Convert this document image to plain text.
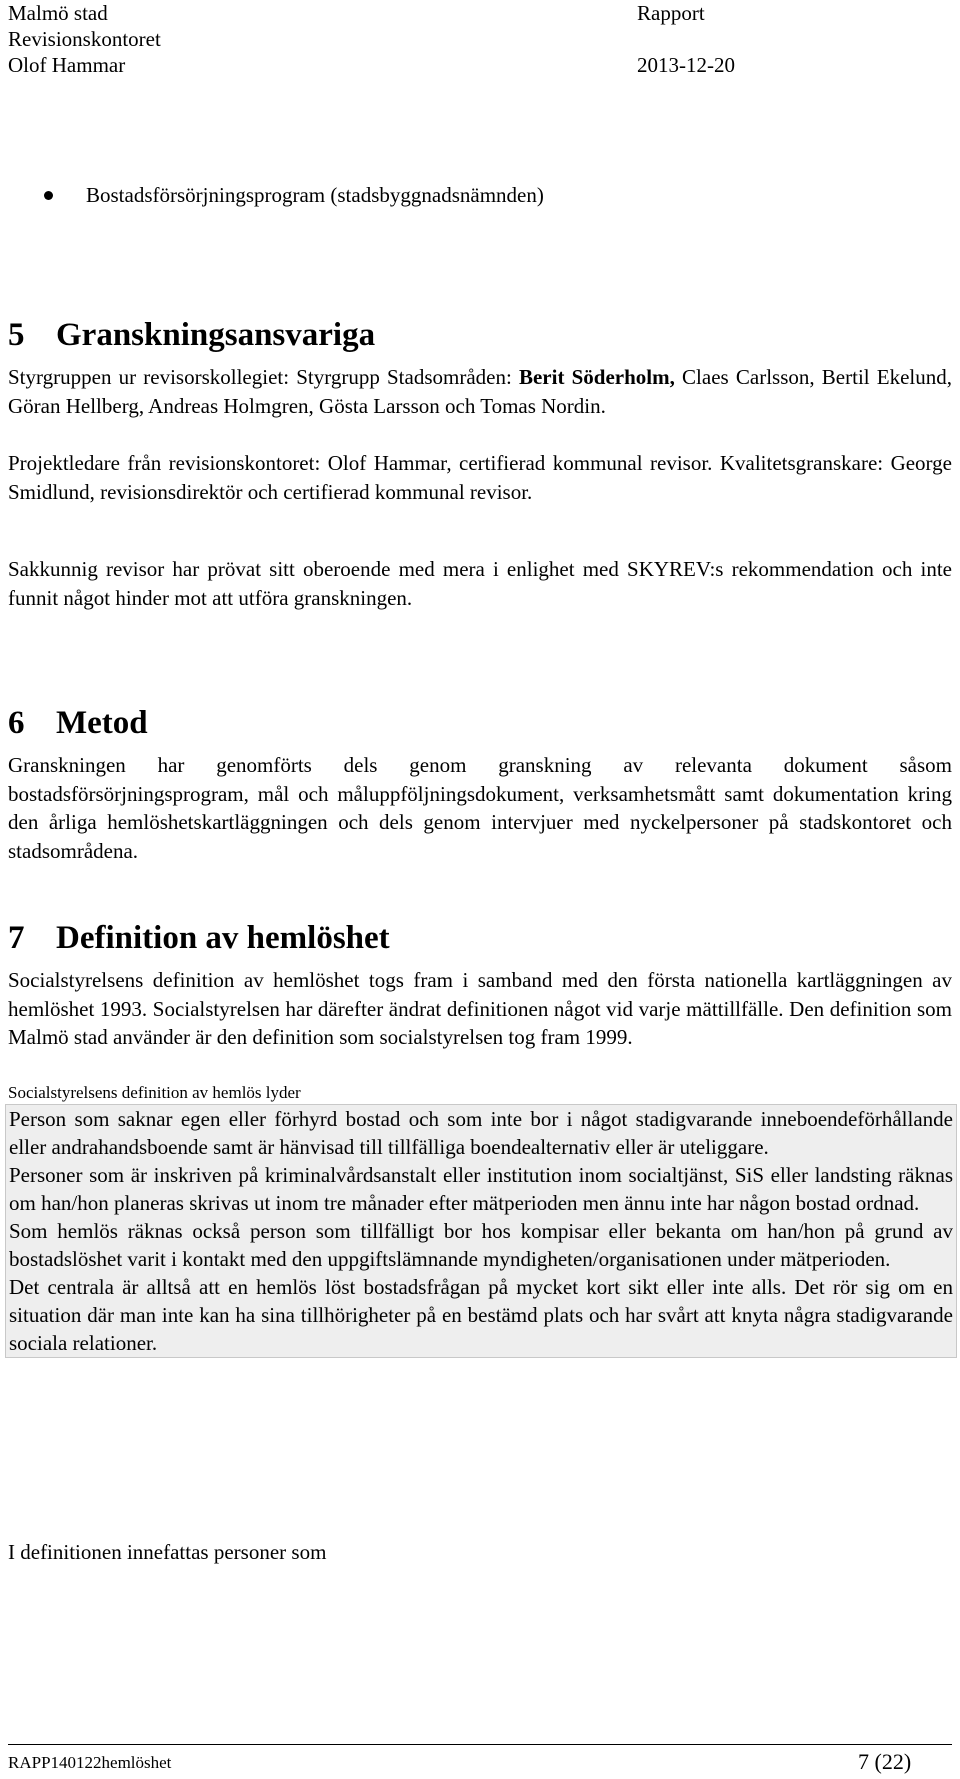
Malmö stad
Revisionskontoret
Olof Hammar
Rapport
2013-12-20
Bostadsförsörjningsprogram (stadsbyggnadsnämnden)
5 Granskningsansvariga
Styrgruppen ur revisorskollegiet: Styrgrupp Stadsområden: Berit Söderholm, Claes Carlsson, Bertil Ekelund, Göran Hellberg, Andreas Holmgren, Gösta Larsson och Tomas Nordin.
Projektledare från revisionskontoret: Olof Hammar, certifierad kommunal revisor. Kvalitetsgranskare: George Smidlund, revisionsdirektör och certifierad kommunal revisor.
Sakkunnig revisor har prövat sitt oberoende med mera i enlighet med SKYREV:s rekommendation och inte funnit något hinder mot att utföra granskningen.
6 Metod
Granskningen har genomförts dels genom granskning av relevanta dokument såsom bostadsförsörjningsprogram, mål och måluppföljningsdokument, verksamhetsmått samt dokumentation kring den årliga hemlöshetskartläggningen och dels genom intervjuer med nyckelpersoner på stadskontoret och stadsområdena.
7 Definition av hemlöshet
Socialstyrelsens definition av hemlöshet togs fram i samband med den första nationella kartläggningen av hemlöshet 1993. Socialstyrelsen har därefter ändrat definitionen något vid varje mättillfälle. Den definition som Malmö stad använder är den definition som socialstyrelsen tog fram 1999.
Socialstyrelsens definition av hemlös lyder
Person som saknar egen eller förhyrd bostad och som inte bor i något stadigvarande inneboendeförhållande eller andrahandsboende samt är hänvisad till tillfälliga boendealternativ eller är uteliggare.
Personer som är inskriven på kriminalvårdsanstalt eller institution inom socialtjänst, SiS eller landsting räknas om han/hon planeras skrivas ut inom tre månader efter mätperioden men ännu inte har någon bostad ordnad.
Som hemlös räknas också person som tillfälligt bor hos kompisar eller bekanta om han/hon på grund av bostadslöshet varit i kontakt med den uppgiftslämnande myndigheten/organisationen under mätperioden.
Det centrala är alltså att en hemlös löst bostadsfrågan på mycket kort sikt eller inte alls. Det rör sig om en situation där man inte kan ha sina tillhörigheter på en bestämd plats och har svårt att knyta några stadigvarande sociala relationer.
I definitionen innefattas personer som
RAPP140122hemlöshet	7 (22)
